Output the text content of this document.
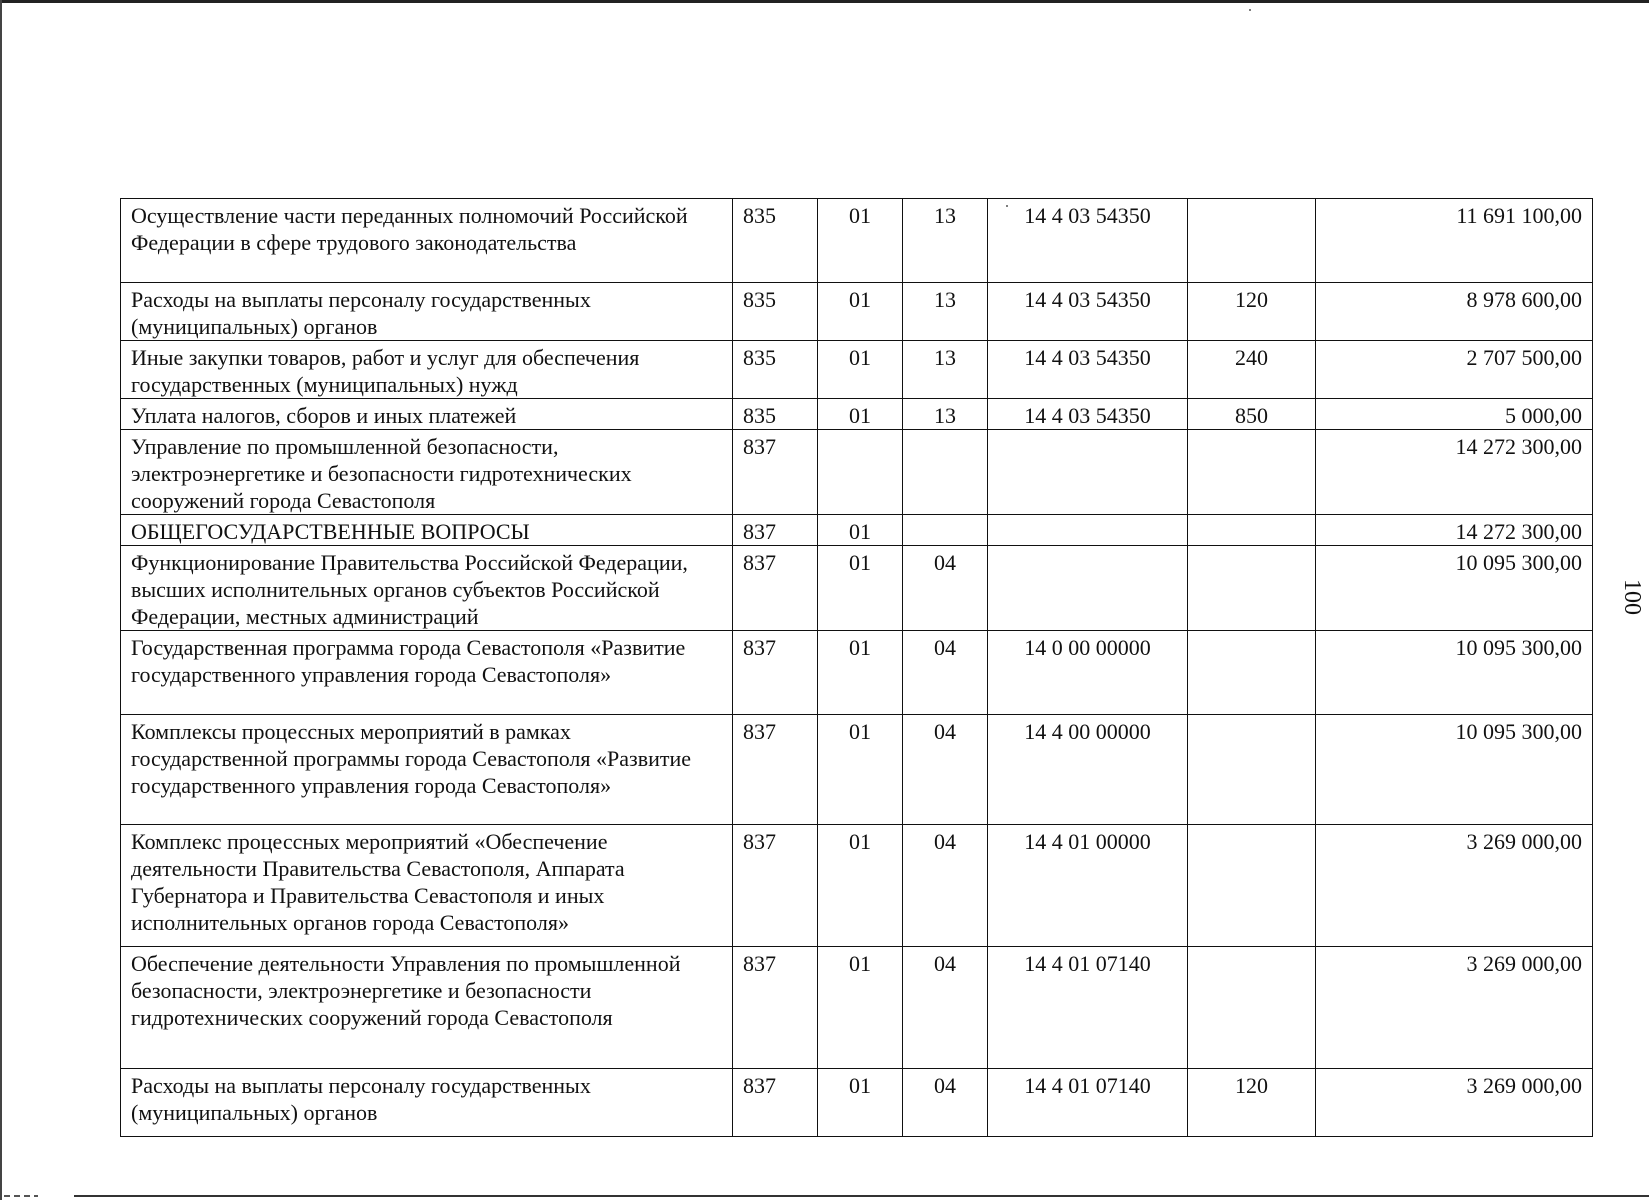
100
Осуществление части переданных полномочий Российской Федерации в сфере трудового законодательства	835	01	13	14 4 03 54350		11 691 100,00
Расходы на выплаты персоналу государственных (муниципальных) органов	835	01	13	14 4 03 54350	120	8 978 600,00
Иные закупки товаров, работ и услуг для обеспечения государственных (муниципальных) нужд	835	01	13	14 4 03 54350	240	2 707 500,00
Уплата налогов, сборов и иных платежей	835	01	13	14 4 03 54350	850	5 000,00
Управление по промышленной безопасности, электроэнергетике и безопасности гидротехнических сооружений города Севастополя	837					14 272 300,00
ОБЩЕГОСУДАРСТВЕННЫЕ ВОПРОСЫ	837	01				14 272 300,00
Функционирование Правительства Российской Федерации, высших исполнительных органов субъектов Российской Федерации, местных администраций	837	01	04			10 095 300,00
Государственная программа города Севастополя «Развитие государственного управления города Севастополя»	837	01	04	14 0 00 00000		10 095 300,00
Комплексы процессных мероприятий в рамках государственной программы города Севастополя «Развитие государственного управления города Севастополя»	837	01	04	14 4 00 00000		10 095 300,00
Комплекс процессных мероприятий «Обеспечение деятельности Правительства Севастополя, Аппарата Губернатора и Правительства Севастополя и иных исполнительных органов города Севастополя»	837	01	04	14 4 01 00000		3 269 000,00
Обеспечение деятельности Управления по промышленной безопасности, электроэнергетике и безопасности гидротехнических сооружений города Севастополя	837	01	04	14 4 01 07140		3 269 000,00
Расходы на выплаты персоналу государственных (муниципальных) органов	837	01	04	14 4 01 07140	120	3 269 000,00
